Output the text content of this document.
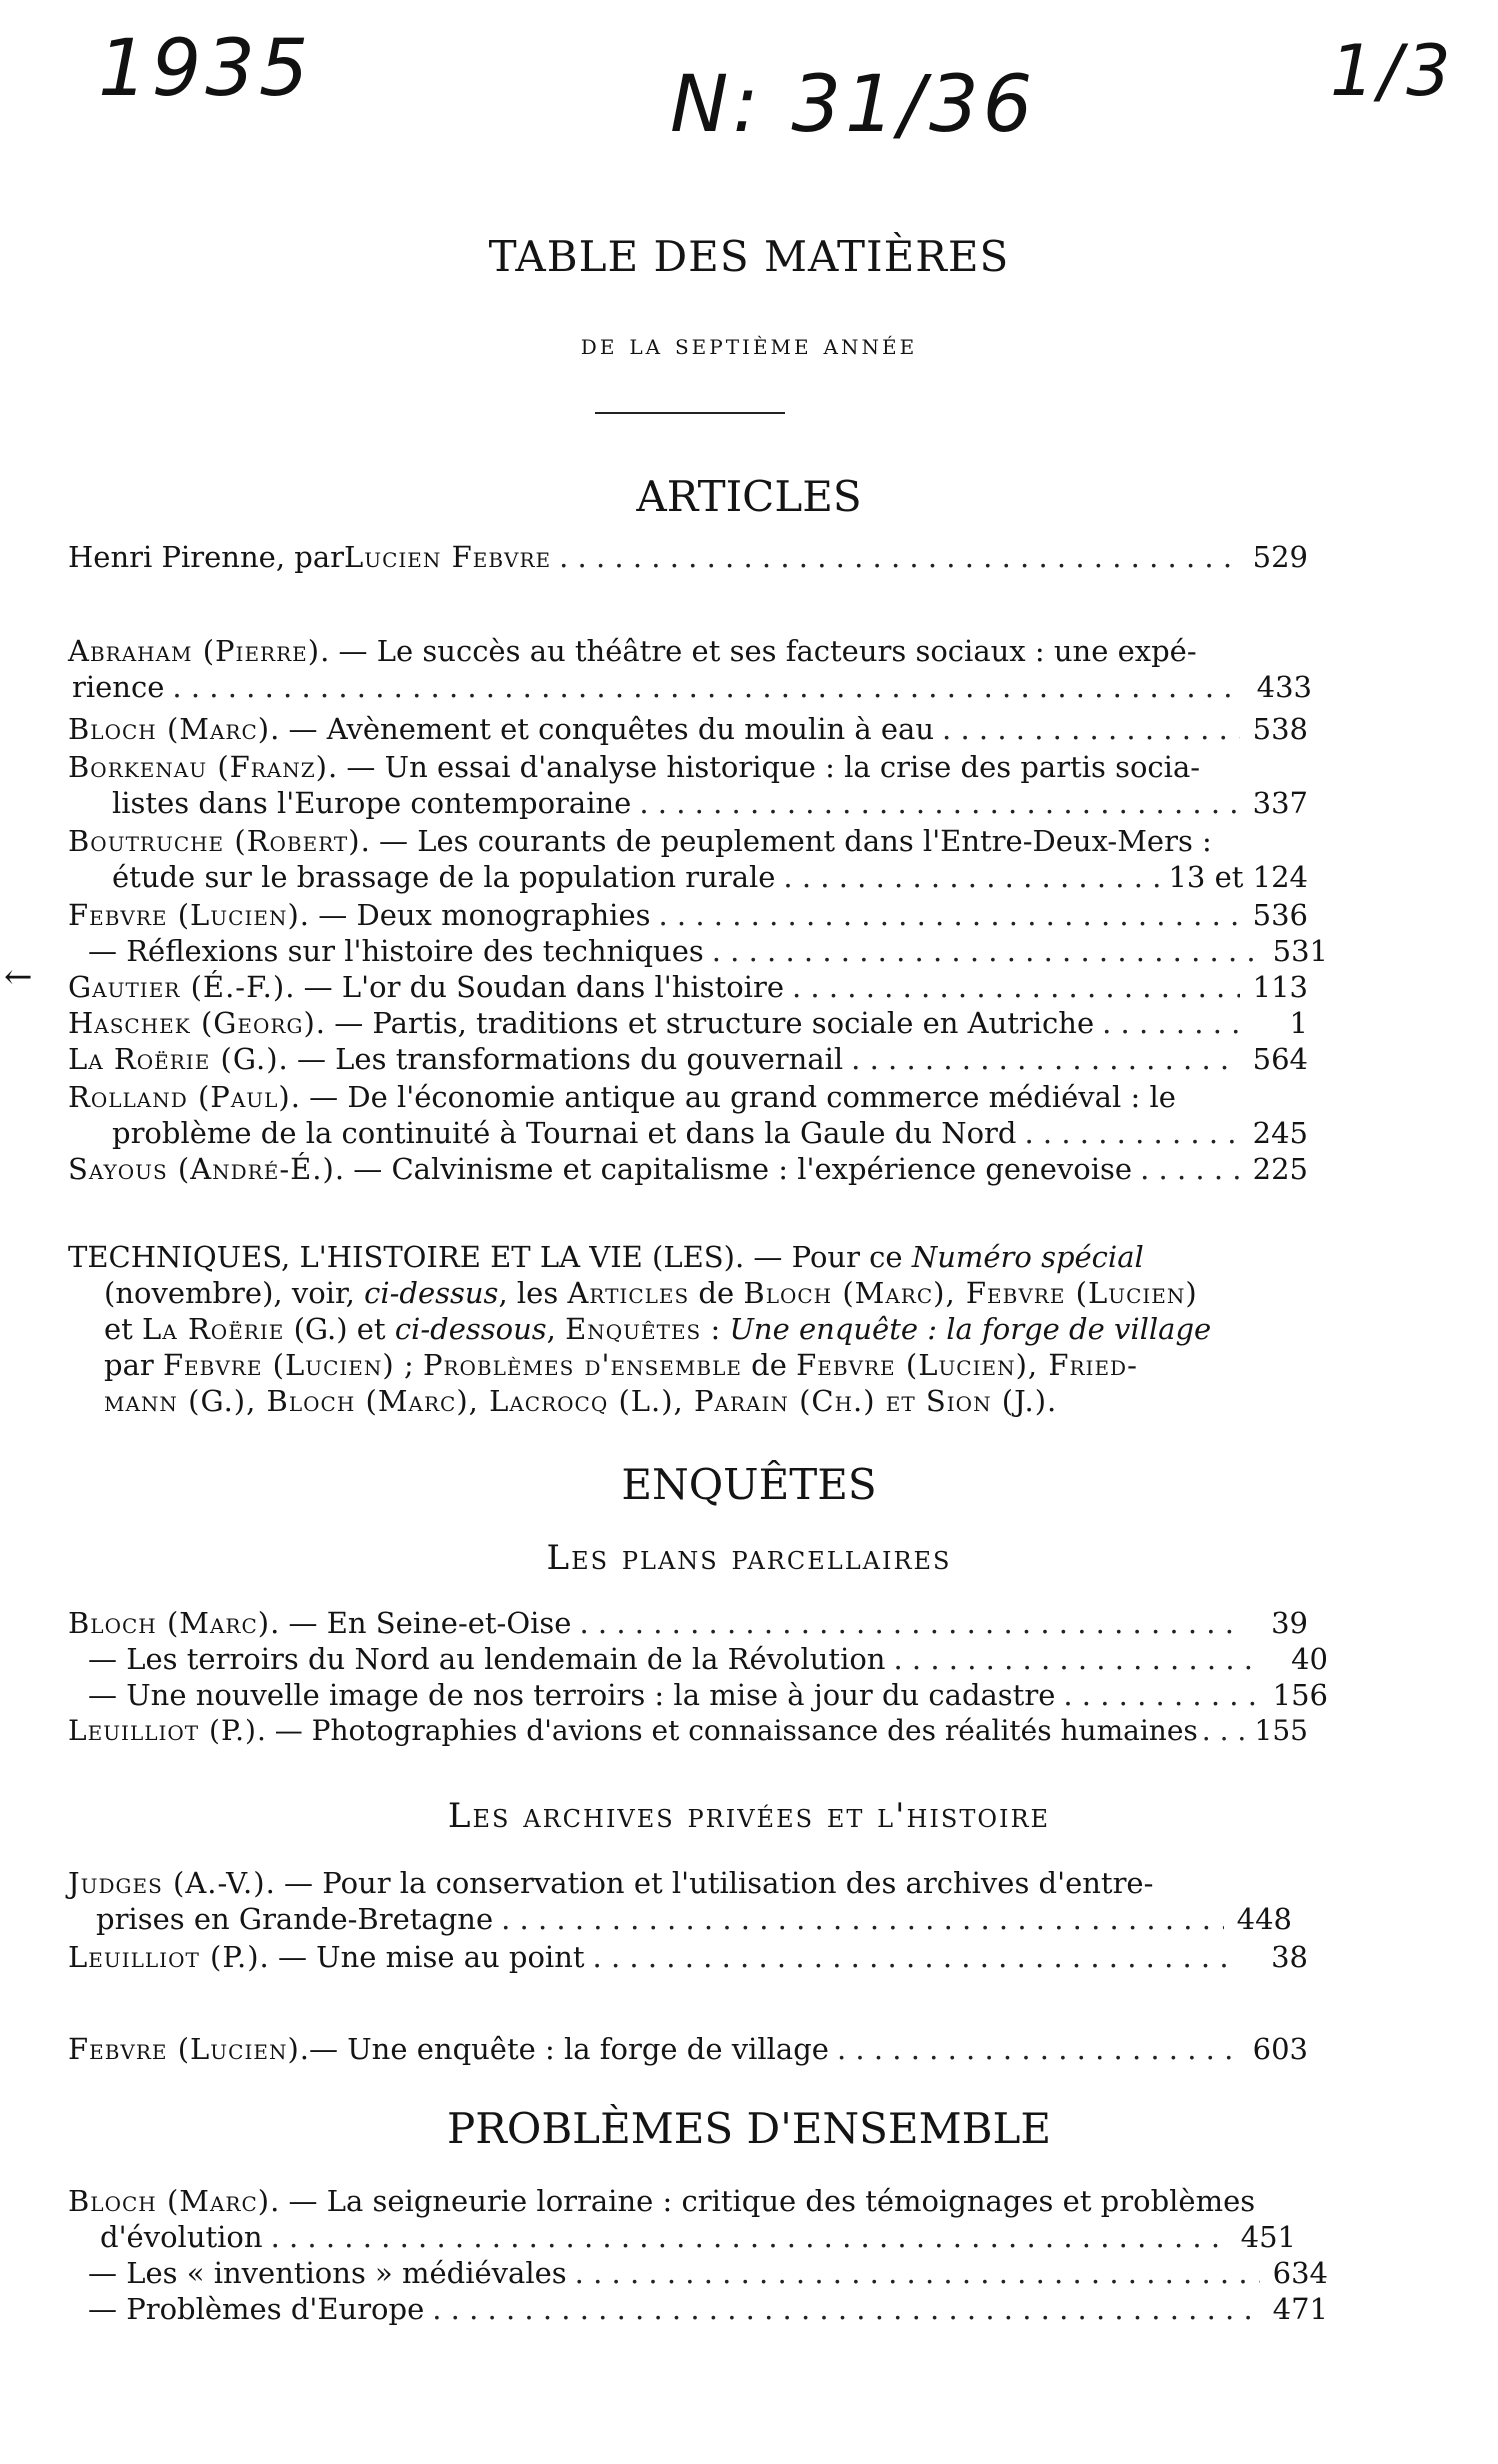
1935	N: 31/36	1/3
TABLE DES MATIÈRES
de la septième année
ARTICLES
Henri Pirenne, par Lucien Febvre . . .	529
Abraham (Pierre). — Le succès au théâtre et ses facteurs sociaux : une expé-
rience . . .	433
Bloch (Marc) . — Avènement et conquêtes du moulin à eau . . .	538
Borkenau (Franz). — Un essai d'analyse historique : la crise des partis socia-
listes dans l'Europe contemporaine . . .	337
Boutruche (Robert). — Les courants de peuplement dans l'Entre-Deux-Mers :
étude sur le brassage de la population rurale . . .	13 et 124
Febvre (Lucien) . — Deux monographies . . .	536
— Réflexions sur l'histoire des techniques . . .	531
← Gautier (É.-F.) . — L'or du Soudan dans l'histoire . . .	113
Haschek (Georg) . — Partis, traditions et structure sociale en Autriche . . .	1
La Roërie (G.) . — Les transformations du gouvernail . . .	564
Rolland (Paul). — De l'économie antique au grand commerce médiéval : le
problème de la continuité à Tournai et dans la Gaule du Nord . . .	245
Sayous (André-É.) . — Calvinisme et capitalisme : l'expérience genevoise . . .	225
TECHNIQUES, L'HISTOIRE ET LA VIE (LES). — Pour ce Numéro spécial
(novembre), voir, ci-dessus, les Articles de Bloch (Marc), Febvre (Lucien)
et La Roërie (G.) et ci-dessous, Enquêtes : Une enquête : la forge de village
par Febvre (Lucien) ; Problèmes d'ensemble de Febvre (Lucien), Fried-
mann (G.), Bloch (Marc), Lacrocq (L.), Parain (Ch.) et Sion (J.).
ENQUÊTES
Les plans parcellaires
Bloch (Marc) . — En Seine-et-Oise . . .	39
— Les terroirs du Nord au lendemain de la Révolution . . .	40
— Une nouvelle image de nos terroirs : la mise à jour du cadastre . . .	156
Leuilliot (P.) . — Photographies d'avions et connaissance des réalités humaines . . . 155
Les archives privées et l'histoire
Judges (A.-V.). — Pour la conservation et l'utilisation des archives d'entre-
prises en Grande-Bretagne . . .	448
Leuilliot (P.) . — Une mise au point . . .	38
Febvre (Lucien) .— Une enquête : la forge de village . . .	603
PROBLÈMES D'ENSEMBLE
Bloch (Marc). — La seigneurie lorraine : critique des témoignages et problèmes
d'évolution . . .	451
— Les « inventions » médiévales . . .	634
— Problèmes d'Europe . . .	471
